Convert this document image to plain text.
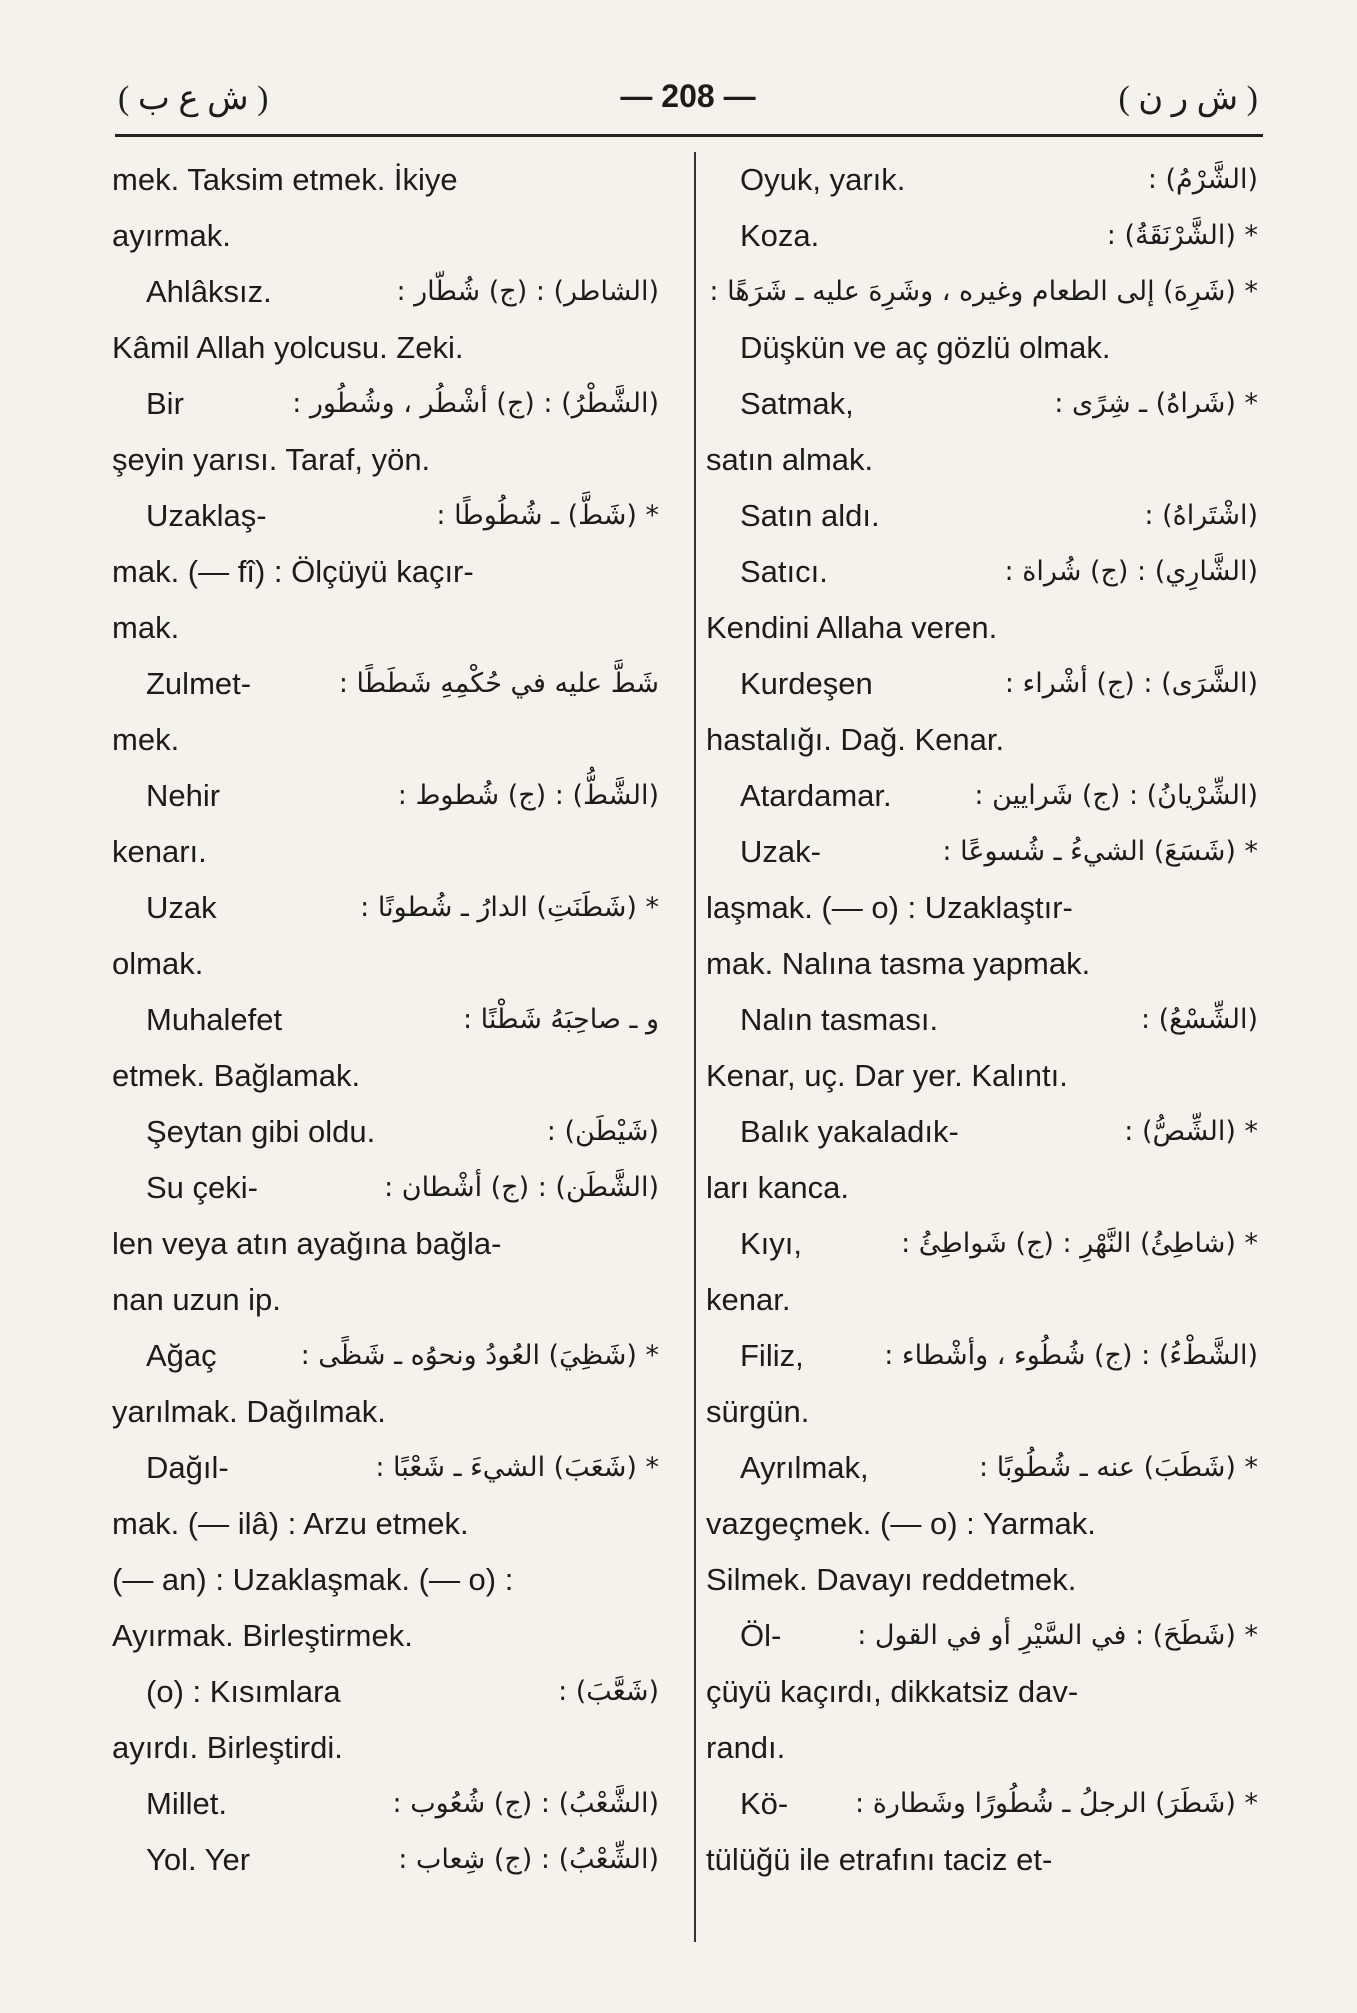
( ش ع ب )	— 208 —	( ش ر ن )
mek. Taksim etmek. İkiye
ayırmak.
Ahlâksız.	(الشاطر) : (ج) شُطّار :
Kâmil Allah yolcusu. Zeki.
Bir	(الشَّطْرُ) : (ج) أشْطُر ، وشُطُور :
şeyin yarısı. Taraf, yön.
Uzaklaş-	* (شَطَّ) ـ شُطُوطًا :
mak. (— fî) : Ölçüyü kaçır-
mak.
Zulmet-	شَطَّ عليه في حُكْمِهِ شَطَطًا :
mek.
Nehir	(الشَّطُّ) : (ج) شُطوط :
kenarı.
Uzak	* (شَطَنَتِ) الدارُ ـ شُطونًا :
olmak.
Muhalefet	و ـ صاحِبَهُ شَطْنًا :
etmek. Bağlamak.
Şeytan gibi oldu.	(شَيْطَن) :
Su çeki-	(الشَّطَن) : (ج) أشْطان :
len veya atın ayağına bağla-
nan uzun ip.
Ağaç	* (شَظِيَ) العُودُ ونحوُه ـ شَظًى :
yarılmak. Dağılmak.
Dağıl-	* (شَعَبَ) الشيءَ ـ شَعْبًا :
mak. (— ilâ) : Arzu etmek.
(— an) : Uzaklaşmak. (— o) :
Ayırmak. Birleştirmek.
(o) : Kısımlara	(شَعَّبَ) :
ayırdı. Birleştirdi.
Millet.	(الشَّعْبُ) : (ج) شُعُوب :
Yol. Yer	(الشِّعْبُ) : (ج) شِعاب :
Oyuk, yarık.	(الشَّرْمُ) :
Koza.	* (الشَّرْنَقَةُ) :
* (شَرِهَ) إلى الطعام وغيره ، وشَرِهَ عليه ـ شَرَهًا :
Düşkün ve aç gözlü olmak.
Satmak,	* (شَراهُ) ـ شِرًى :
satın almak.
Satın aldı.	(اشْتَراهُ) :
Satıcı.	(الشَّارِي) : (ج) شُراة :
Kendini Allaha veren.
Kurdeşen	(الشَّرَى) : (ج) أشْراء :
hastalığı. Dağ. Kenar.
Atardamar.	(الشِّرْيانُ) : (ج) شَرايين :
Uzak-	* (شَسَعَ) الشيءُ ـ شُسوعًا :
laşmak. (— o) : Uzaklaştır-
mak. Nalına tasma yapmak.
Nalın tasması.	(الشِّسْعُ) :
Kenar, uç. Dar yer. Kalıntı.
Balık yakaladık-	* (الشِّصُّ) :
ları kanca.
Kıyı,	* (شاطِئُ) النَّهْرِ : (ج) شَواطِئُ :
kenar.
Filiz,	(الشَّطْءُ) : (ج) شُطُوء ، وأشْطاء :
sürgün.
Ayrılmak,	* (شَطَبَ) عنه ـ شُطُوبًا :
vazgeçmek. (— o) : Yarmak.
Silmek. Davayı reddetmek.
Öl-	* (شَطَحَ) : في السَّيْرِ أو في القول :
çüyü kaçırdı, dikkatsiz dav-
randı.
Kö- * (شَطَرَ) الرجلُ ـ شُطُورًا وشَطارة :
tülüğü ile etrafını taciz et-
